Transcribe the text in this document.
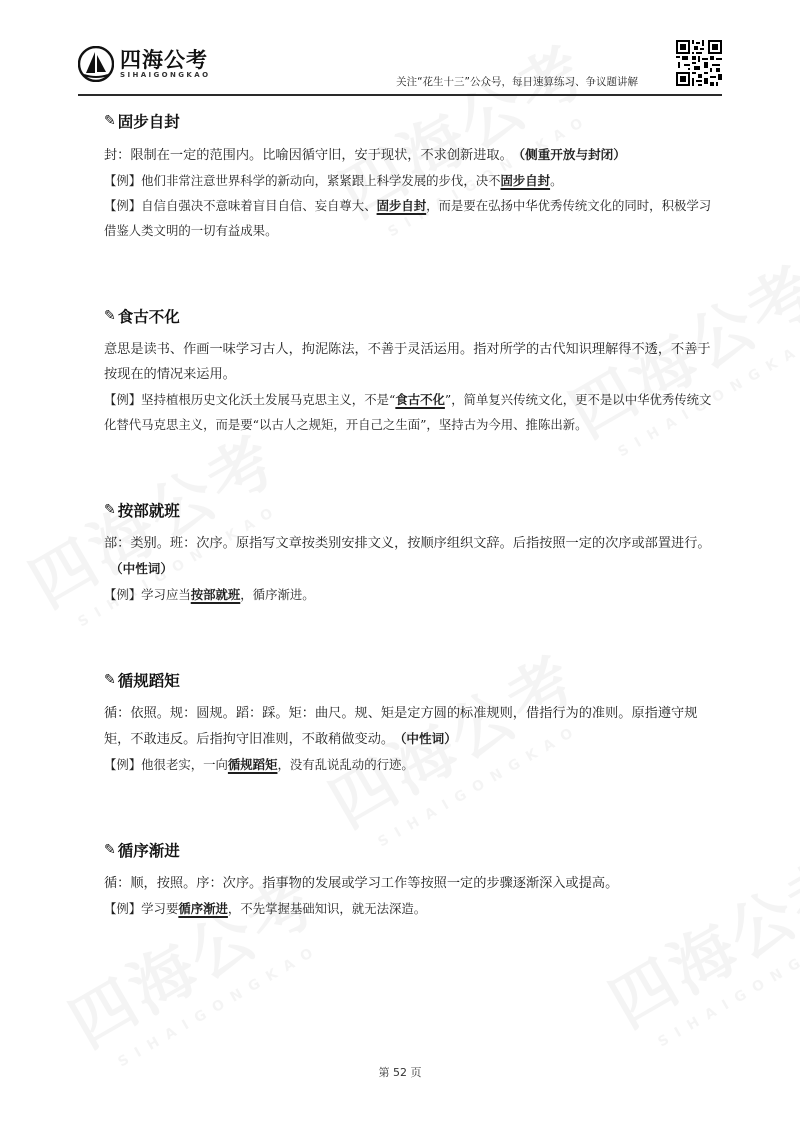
四海公考
SIHAIGONGKAO
关注“花生十三”公众号，每日速算练习、争议题讲解
✎ 固步自封

封：限制在一定的范围内。比喻因循守旧，安于现状，不求创新进取。 （侧重开放与封闭）

【例】他们非常注意世界科学的新动向，紧紧跟上科学发展的步伐，决不固步自封。

【例】自信自强决不意味着盲目自信、妄自尊大、固步自封，而是要在弘扬中华优秀传统文化的同时，积极学习借鉴人类文明的一切有益成果。

✎ 食古不化

意思是读书、作画一味学习古人，拘泥陈法，不善于灵活运用。指对所学的古代知识理解得不透，不善于按现在的情况来运用。

【例】坚持植根历史文化沃土发展马克思主义，不是“食古不化”，简单复兴传统文化，更不是以中华优秀传统文化替代马克思主义，而是要“以古人之规矩，开自己之生面”，坚持古为今用、推陈出新。

✎ 按部就班

部：类别。班：次序。原指写文章按类别安排文义，按顺序组织文辞。后指按照一定的次序或部置进行。（中性词）

【例】学习应当按部就班，循序渐进。

✎ 循规蹈矩

循：依照。规：圆规。蹈：踩。矩：曲尺。规、矩是定方圆的标准规则，借指行为的准则。原指遵守规矩，不敢违反。后指拘守旧准则，不敢稍做变动。 （中性词）

【例】他很老实，一向循规蹈矩，没有乱说乱动的行迹。

✎ 循序渐进

循：顺，按照。序：次序。指事物的发展或学习工作等按照一定的步骤逐渐深入或提高。

【例】学习要循序渐进，不先掌握基础知识，就无法深造。

第 52 页
